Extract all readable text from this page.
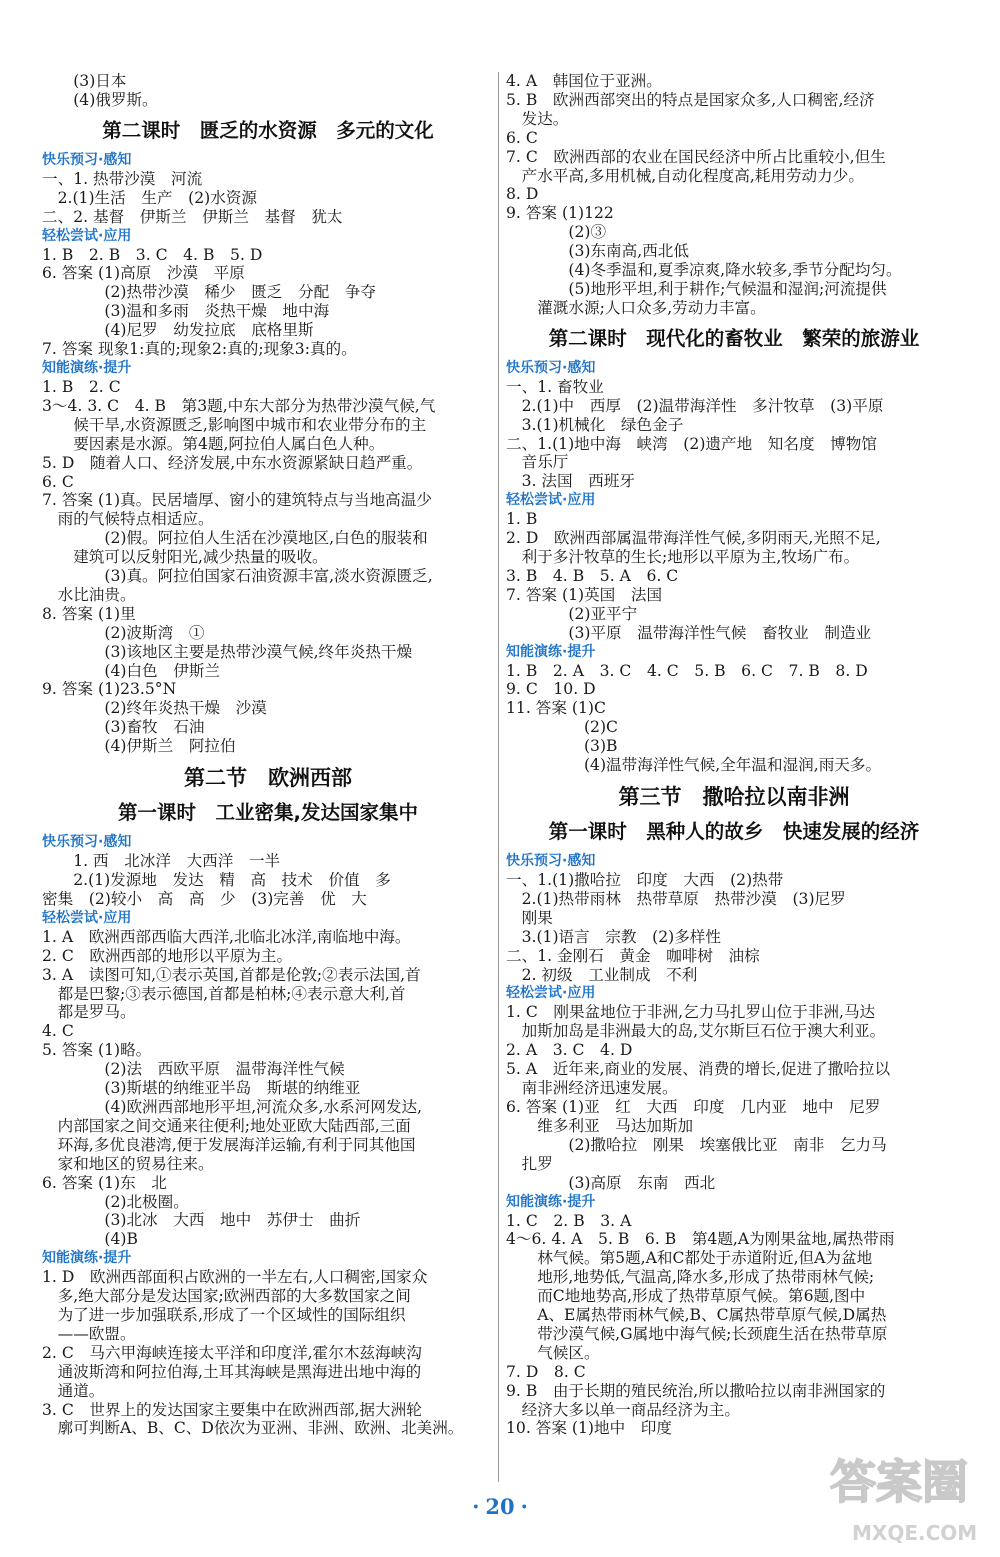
　　(3)日本
　　(4)俄罗斯。
第二课时　匮乏的水资源　多元的文化
快乐预习·感知
一、1. 热带沙漠　河流
　2.(1)生活　生产　(2)水资源
二、2. 基督　伊斯兰　伊斯兰　基督　犹太
轻松尝试·应用
1. B　2. B　3. C　4. B　5. D
6. 答案 (1)高原　沙漠　平原
　　　　(2)热带沙漠　稀少　匮乏　分配　争夺
　　　　(3)温和多雨　炎热干燥　地中海
　　　　(4)尼罗　幼发拉底　底格里斯
7. 答案 现象1:真的;现象2:真的;现象3:真的。
知能演练·提升
1. B　2. C
3～4. 3. C　4. B　第3题,中东大部分为热带沙漠气候,气
　　候干旱,水资源匮乏,影响图中城市和农业带分布的主
　　要因素是水源。第4题,阿拉伯人属白色人种。
5. D　随着人口、经济发展,中东水资源紧缺日趋严重。
6. C
7. 答案 (1)真。民居墙厚、窗小的建筑特点与当地高温少
　雨的气候特点相适应。
　　　　(2)假。阿拉伯人生活在沙漠地区,白色的服装和
　　建筑可以反射阳光,减少热量的吸收。
　　　　(3)真。阿拉伯国家石油资源丰富,淡水资源匮乏,
　水比油贵。
8. 答案 (1)里
　　　　(2)波斯湾　①
　　　　(3)该地区主要是热带沙漠气候,终年炎热干燥
　　　　(4)白色　伊斯兰
9. 答案 (1)23.5°N
　　　　(2)终年炎热干燥　沙漠
　　　　(3)畜牧　石油
　　　　(4)伊斯兰　阿拉伯
第二节　欧洲西部
第一课时　工业密集,发达国家集中
快乐预习·感知
　　1. 西　北冰洋　大西洋　一半
　　2.(1)发源地　发达　精　高　技术　价值　多
密集　(2)较小　高　高　少　(3)完善　优　大
轻松尝试·应用
1. A　欧洲西部西临大西洋,北临北冰洋,南临地中海。
2. C　欧洲西部的地形以平原为主。
3. A　读图可知,①表示英国,首都是伦敦;②表示法国,首
　都是巴黎;③表示德国,首都是柏林;④表示意大利,首
　都是罗马。
4. C
5. 答案 (1)略。
　　　　(2)法　西欧平原　温带海洋性气候
　　　　(3)斯堪的纳维亚半岛　斯堪的纳维亚
　　　　(4)欧洲西部地形平坦,河流众多,水系河网发达,
　内部国家之间交通来往便利;地处亚欧大陆西部,三面
　环海,多优良港湾,便于发展海洋运输,有利于同其他国
　家和地区的贸易往来。
6. 答案 (1)东　北
　　　　(2)北极圈。
　　　　(3)北冰　大西　地中　苏伊士　曲折
　　　　(4)B
知能演练·提升
1. D　欧洲西部面积占欧洲的一半左右,人口稠密,国家众
　多,绝大部分是发达国家;欧洲西部的大多数国家之间
　为了进一步加强联系,形成了一个区域性的国际组织
　——欧盟。
2. C　马六甲海峡连接太平洋和印度洋,霍尔木兹海峡沟
　通波斯湾和阿拉伯海,土耳其海峡是黑海进出地中海的
　通道。
3. C　世界上的发达国家主要集中在欧洲西部,据大洲轮
　廓可判断A、B、C、D依次为亚洲、非洲、欧洲、北美洲。
4. A　韩国位于亚洲。
5. B　欧洲西部突出的特点是国家众多,人口稠密,经济
　发达。
6. C
7. C　欧洲西部的农业在国民经济中所占比重较小,但生
　产水平高,多用机械,自动化程度高,耗用劳动力少。
8. D
9. 答案 (1)122
　　　　(2)③
　　　　(3)东南高,西北低
　　　　(4)冬季温和,夏季凉爽,降水较多,季节分配均匀。
　　　　(5)地形平坦,利于耕作;气候温和湿润;河流提供
　　灌溉水源;人口众多,劳动力丰富。
第二课时　现代化的畜牧业　繁荣的旅游业
快乐预习·感知
一、1. 畜牧业
　2.(1)中　西厚　(2)温带海洋性　多汁牧草　(3)平原
　3.(1)机械化　绿色金子
二、1.(1)地中海　峡湾　(2)遗产地　知名度　博物馆
　音乐厅
　3. 法国　西班牙
轻松尝试·应用
1. B
2. D　欧洲西部属温带海洋性气候,多阴雨天,光照不足,
　利于多汁牧草的生长;地形以平原为主,牧场广布。
3. B　4. B　5. A　6. C
7. 答案 (1)英国　法国
　　　　(2)亚平宁
　　　　(3)平原　温带海洋性气候　畜牧业　制造业
知能演练·提升
1. B　2. A　3. C　4. C　5. B　6. C　7. B　8. D
9. C　10. D
11. 答案 (1)C
　　　　　(2)C
　　　　　(3)B
　　　　　(4)温带海洋性气候,全年温和湿润,雨天多。
第三节　撒哈拉以南非洲
第一课时　黑种人的故乡　快速发展的经济
快乐预习·感知
一、1.(1)撒哈拉　印度　大西　(2)热带
　2.(1)热带雨林　热带草原　热带沙漠　(3)尼罗
　刚果
　3.(1)语言　宗教　(2)多样性
二、1. 金刚石　黄金　咖啡树　油棕
　2. 初级　工业制成　不利
轻松尝试·应用
1. C　刚果盆地位于非洲,乞力马扎罗山位于非洲,马达
　加斯加岛是非洲最大的岛,艾尔斯巨石位于澳大利亚。
2. A　3. C　4. D
5. A　近年来,商业的发展、消费的增长,促进了撒哈拉以
　南非洲经济迅速发展。
6. 答案 (1)亚　红　大西　印度　几内亚　地中　尼罗
　　维多利亚　马达加斯加
　　　　(2)撒哈拉　刚果　埃塞俄比亚　南非　乞力马
　扎罗
　　　　(3)高原　东南　西北
知能演练·提升
1. C　2. B　3. A
4～6. 4. A　5. B　6. B　第4题,A为刚果盆地,属热带雨
　　林气候。第5题,A和C都处于赤道附近,但A为盆地
　　地形,地势低,气温高,降水多,形成了热带雨林气候;
　　而C地地势高,形成了热带草原气候。第6题,图中
　　A、E属热带雨林气候,B、C属热带草原气候,D属热
　　带沙漠气候,G属地中海气候;长颈鹿生活在热带草原
　　气候区。
7. D　8. C
9. B　由于长期的殖民统治,所以撒哈拉以南非洲国家的
　经济大多以单一商品经济为主。
10. 答案 (1)地中　印度
· 20 ·	答案圈
MXQE.COM
